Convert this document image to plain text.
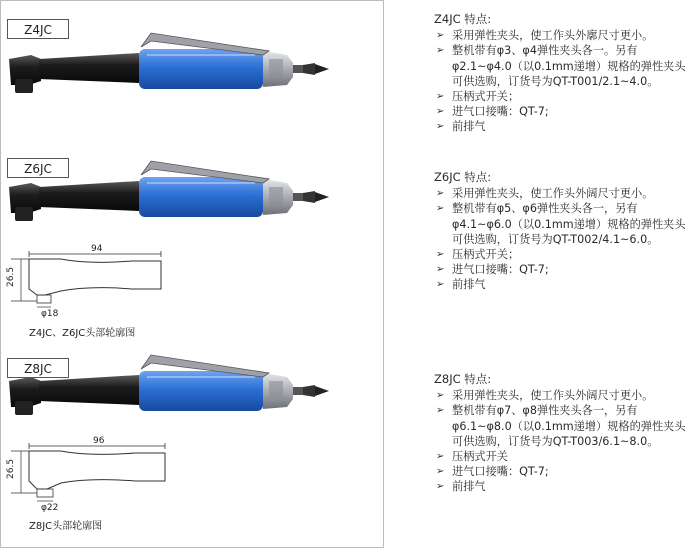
Z4JC
Z6JC
94
26.5
φ18
Z4JC、Z6JC头部轮廓图
Z8JC
96
26.5
φ22
Z8JC头部轮廓图
Z4JC 特点:
➢ 采用弹性夹头，使工作头外廓尺寸更小。
➢ 整机带有φ3、φ4弹性夹头各一。另有φ2.1~φ4.0（以0.1mm递增）规格的弹性夹头可供选购，订货号为QT-T001/2.1~4.0。
➢ 压柄式开关；
➢ 进气口接嘴：QT-7;
➢ 前排气
Z6JC 特点:
➢ 采用弹性夹头，使工作头外阔尺寸更小。
➢ 整机带有φ5、φ6弹性夹头各一，另有φ4.1~φ6.0（以0.1mm递增）规格的弹性夹头可供选购，订货号为QT-T002/4.1~6.0。
➢ 压柄式开关；
➢ 进气口接嘴：QT-7;
➢ 前排气
Z8JC 特点:
➢ 采用弹性夹头，使工作头外阔尺寸更小。
➢ 整机带有φ7、φ8弹性夹头各一，另有φ6.1~φ8.0（以0.1mm递增）规格的弹性夹头可供选购，订货号为QT-T003/6.1~8.0。
➢ 压柄式开关
➢ 进气口接嘴：QT-7;
➢ 前排气
